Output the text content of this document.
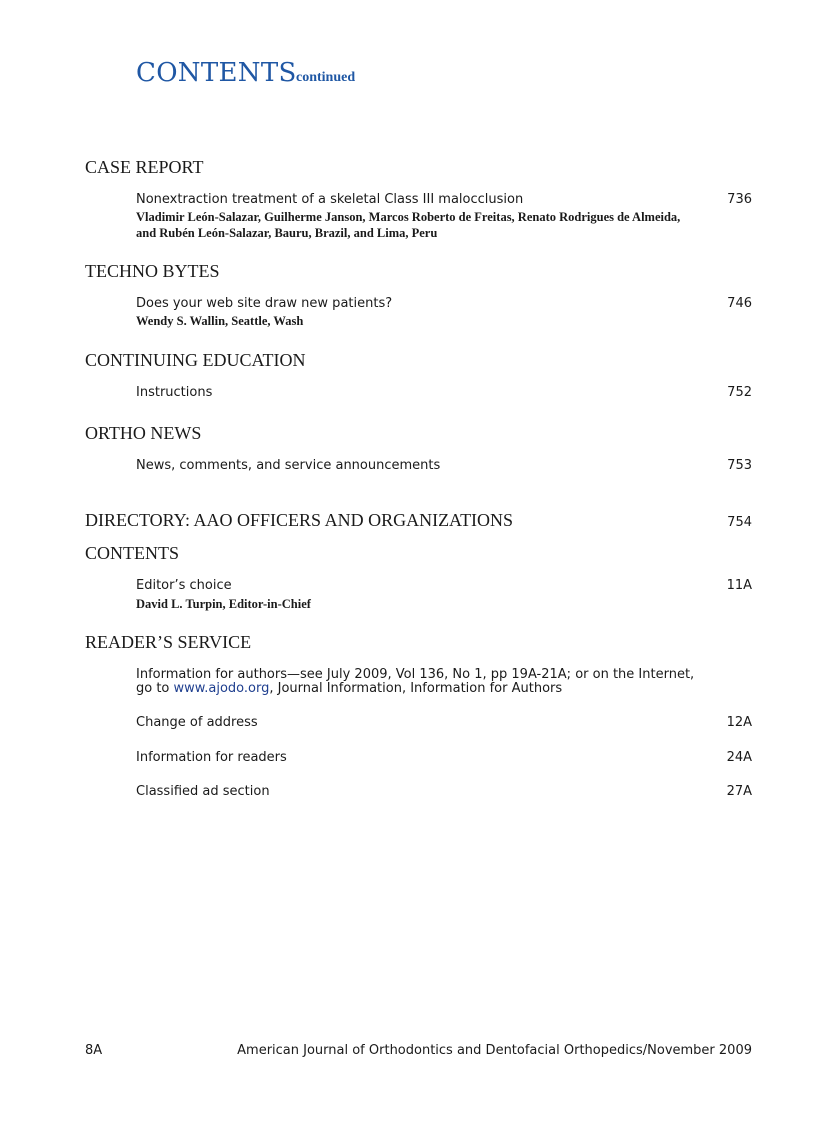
CONTENTS continued
CASE REPORT
Nonextraction treatment of a skeletal Class III malocclusion	736
Vladimir León-Salazar, Guilherme Janson, Marcos Roberto de Freitas, Renato Rodrigues de Almeida,
and Rubén León-Salazar, Bauru, Brazil, and Lima, Peru
TECHNO BYTES
Does your web site draw new patients?	746
Wendy S. Wallin, Seattle, Wash
CONTINUING EDUCATION
Instructions	752
ORTHO NEWS
News, comments, and service announcements	753
DIRECTORY: AAO OFFICERS AND ORGANIZATIONS	754
CONTENTS
Editor’s choice	11A
David L. Turpin, Editor-in-Chief
READER’S SERVICE
Information for authors—see July 2009, Vol 136, No 1, pp 19A-21A; or on the Internet,
go to www.ajodo.org, Journal Information, Information for Authors
Change of address	12A
Information for readers	24A
Classified ad section	27A
8A	American Journal of Orthodontics and Dentofacial Orthopedics/November 2009
